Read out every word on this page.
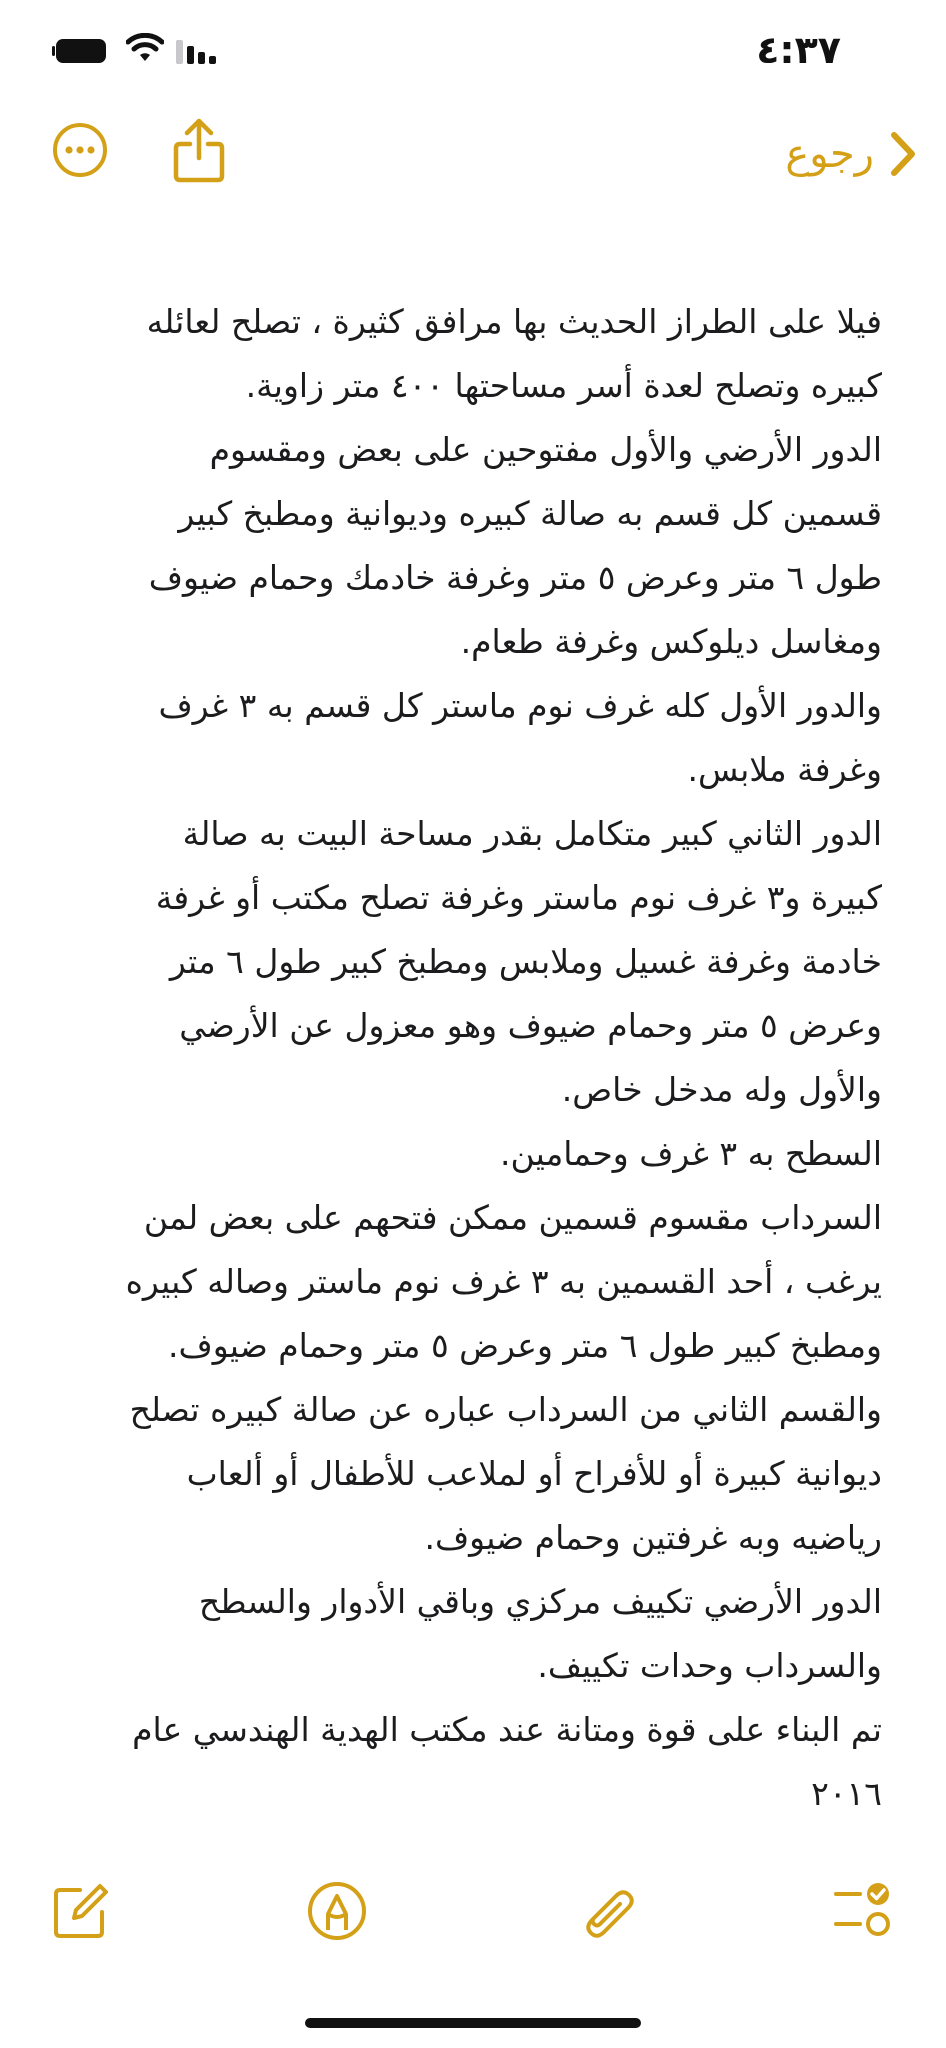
٤:٣٧
رجوع
فيلا على الطراز الحديث بها مرافق كثيرة ، تصلح لعائله
كبيره وتصلح لعدة أسر مساحتها ٤٠٠ متر زاوية.
الدور الأرضي والأول مفتوحين على بعض ومقسوم
قسمين كل قسم به صالة كبيره وديوانية ومطبخ كبير
طول ٦ متر وعرض ٥ متر وغرفة خادمك وحمام ضيوف
ومغاسل ديلوكس وغرفة طعام.
والدور الأول كله غرف نوم ماستر كل قسم به ٣ غرف
وغرفة ملابس.
الدور الثاني كبير متكامل بقدر مساحة البيت به صالة
كبيرة و٣ غرف نوم ماستر وغرفة تصلح مكتب أو غرفة
خادمة وغرفة غسيل وملابس ومطبخ كبير طول ٦ متر
وعرض ٥ متر وحمام ضيوف وهو معزول عن الأرضي
والأول وله مدخل خاص.
السطح به ٣ غرف وحمامين.
السرداب مقسوم قسمين ممكن فتحهم على بعض لمن
يرغب ، أحد القسمين به ٣ غرف نوم ماستر وصاله كبيره
ومطبخ كبير طول ٦ متر وعرض ٥ متر وحمام ضيوف.
والقسم الثاني من السرداب عباره عن صالة كبيره تصلح
ديوانية كبيرة أو للأفراح أو لملاعب للأطفال أو ألعاب
رياضيه وبه غرفتين وحمام ضيوف.
الدور الأرضي تكييف مركزي وباقي الأدوار والسطح
والسرداب وحدات تكييف.
تم البناء على قوة ومتانة عند مكتب الهدية الهندسي عام
٢٠١٦
